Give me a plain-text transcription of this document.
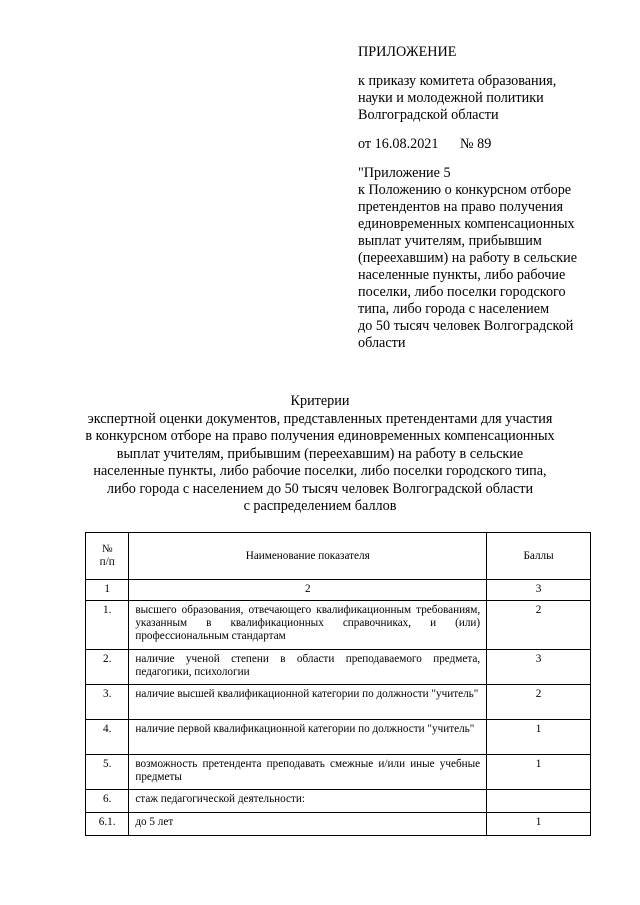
ПРИЛОЖЕНИЕ
к приказу комитета образования,
науки и молодежной политики
Волгоградской области
от 16.08.2021 № 89
"Приложение 5
к Положению о конкурсном отборе
претендентов на право получения
единовременных компенсационных
выплат учителям, прибывшим
(переехавшим) на работу в сельские
населенные пункты, либо рабочие
поселки, либо поселки городского
типа, либо города с населением
до 50 тысяч человек Волгоградской
области
Критерии
экспертной оценки документов, представленных претендентами для участия
в конкурсном отборе на право получения единовременных компенсационных
выплат учителям, прибывшим (переехавшим) на работу в сельские
населенные пункты, либо рабочие поселки, либо поселки городского типа,
либо города с населением до 50 тысяч человек Волгоградской области
с распределением баллов
№
п/п	Наименование показателя	Баллы
1	2	3
1.	высшего образования, отвечающего квалификационным требованиям, указанным в квалификационных справочниках, и (или) профессиональным стандартам	2
2.	наличие ученой степени в области преподаваемого предмета, педагогики, психологии	3
3.	наличие высшей квалификационной категории по должности "учитель"	2
4.	наличие первой квалификационной категории по должности "учитель"	1
5.	возможность претендента преподавать смежные и/или иные учебные предметы	1
6.	стаж педагогической деятельности:	
6.1.	до 5 лет	1
